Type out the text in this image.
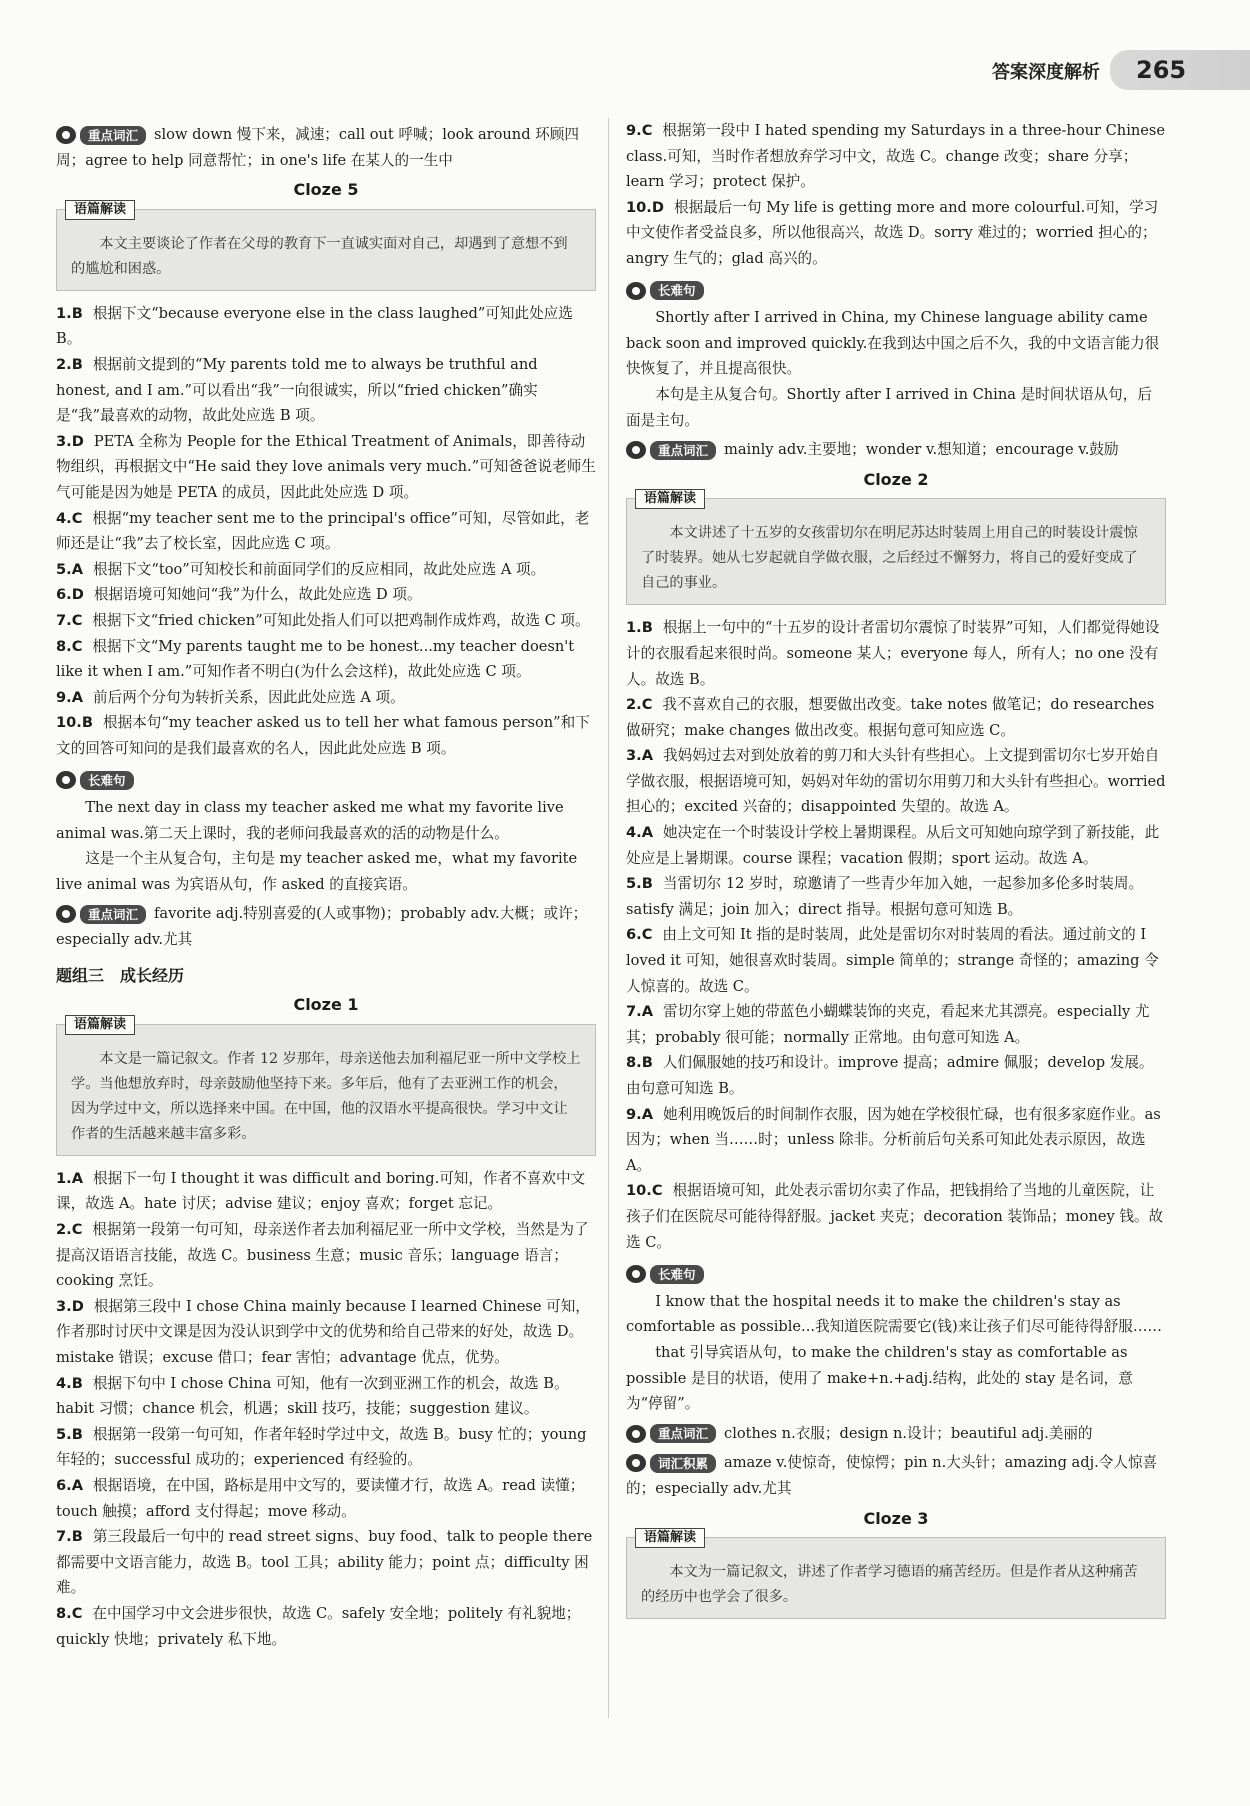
答案深度解析	265
重点词汇	slow down 慢下来，减速；call out 呼喊；look around 环顾四周；agree to help 同意帮忙；in one's life 在某人的一生中
Cloze 5
语篇解读

本文主要谈论了作者在父母的教育下一直诚实面对自己，却遇到了意想不到的尴尬和困惑。

1.B 根据下文“because everyone else in the class laughed”可知此处应选 B。

2.B 根据前文提到的“My parents told me to always be truthful and honest, and I am.”可以看出“我”一向很诚实，所以“fried chicken”确实是“我”最喜欢的动物，故此处应选 B 项。

3.D PETA 全称为 People for the Ethical Treatment of Animals，即善待动物组织，再根据文中“He said they love animals very much.”可知爸爸说老师生气可能是因为她是 PETA 的成员，因此此处应选 D 项。

4.C 根据“my teacher sent me to the principal's office”可知，尽管如此，老师还是让“我”去了校长室，因此应选 C 项。

5.A 根据下文“too”可知校长和前面同学们的反应相同，故此处应选 A 项。

6.D 根据语境可知她问“我”为什么，故此处应选 D 项。

7.C 根据下文“fried chicken”可知此处指人们可以把鸡制作成炸鸡，故选 C 项。

8.C 根据下文“My parents taught me to be honest...my teacher doesn't like it when I am.”可知作者不明白(为什么会这样)，故此处应选 C 项。

9.A 前后两个分句为转折关系，因此此处应选 A 项。

10.B 根据本句“my teacher asked us to tell her what famous person”和下文的回答可知问的是我们最喜欢的名人，因此此处应选 B 项。

长难句

The next day in class my teacher asked me what my favorite live animal was.第二天上课时，我的老师问我最喜欢的活的动物是什么。

这是一个主从复合句，主句是 my teacher asked me，what my favorite live animal was 为宾语从句，作 asked 的直接宾语。

重点词汇	favorite adj.特别喜爱的(人或事物)；probably adv.大概；或许；especially adv.尤其
题组三　成长经历
Cloze 1
语篇解读

本文是一篇记叙文。作者 12 岁那年，母亲送他去加利福尼亚一所中文学校上学。当他想放弃时，母亲鼓励他坚持下来。多年后，他有了去亚洲工作的机会，因为学过中文，所以选择来中国。在中国，他的汉语水平提高很快。学习中文让作者的生活越来越丰富多彩。

1.A 根据下一句 I thought it was difficult and boring.可知，作者不喜欢中文课，故选 A。hate 讨厌；advise 建议；enjoy 喜欢；forget 忘记。

2.C 根据第一段第一句可知，母亲送作者去加利福尼亚一所中文学校，当然是为了提高汉语语言技能，故选 C。business 生意；music 音乐；language 语言；cooking 烹饪。

3.D 根据第三段中 I chose China mainly because I learned Chinese 可知，作者那时讨厌中文课是因为没认识到学中文的优势和给自己带来的好处，故选 D。mistake 错误；excuse 借口；fear 害怕；advantage 优点，优势。

4.B 根据下句中 I chose China 可知，他有一次到亚洲工作的机会，故选 B。habit 习惯；chance 机会，机遇；skill 技巧，技能；suggestion 建议。

5.B 根据第一段第一句可知，作者年轻时学过中文，故选 B。busy 忙的；young 年轻的；successful 成功的；experienced 有经验的。

6.A 根据语境，在中国，路标是用中文写的，要读懂才行，故选 A。read 读懂；touch 触摸；afford 支付得起；move 移动。

7.B 第三段最后一句中的 read street signs、buy food、talk to people there 都需要中文语言能力，故选 B。tool 工具；ability 能力；point 点；difficulty 困难。

8.C 在中国学习中文会进步很快，故选 C。safely 安全地；politely 有礼貌地；quickly 快地；privately 私下地。

9.C 根据第一段中 I hated spending my Saturdays in a three-hour Chinese class.可知，当时作者想放弃学习中文，故选 C。change 改变；share 分享；learn 学习；protect 保护。

10.D 根据最后一句 My life is getting more and more colourful.可知，学习中文使作者受益良多，所以他很高兴，故选 D。sorry 难过的；worried 担心的；angry 生气的；glad 高兴的。

长难句

Shortly after I arrived in China, my Chinese language ability came back soon and improved quickly.在我到达中国之后不久，我的中文语言能力很快恢复了，并且提高很快。

本句是主从复合句。Shortly after I arrived in China 是时间状语从句，后面是主句。

重点词汇	mainly adv.主要地；wonder v.想知道；encourage v.鼓励
Cloze 2
语篇解读

本文讲述了十五岁的女孩雷切尔在明尼苏达时装周上用自己的时装设计震惊了时装界。她从七岁起就自学做衣服，之后经过不懈努力，将自己的爱好变成了自己的事业。

1.B 根据上一句中的“十五岁的设计者雷切尔震惊了时装界”可知，人们都觉得她设计的衣服看起来很时尚。someone 某人；everyone 每人，所有人；no one 没有人。故选 B。

2.C 我不喜欢自己的衣服，想要做出改变。take notes 做笔记；do researches 做研究；make changes 做出改变。根据句意可知应选 C。

3.A 我妈妈过去对到处放着的剪刀和大头针有些担心。上文提到雷切尔七岁开始自学做衣服，根据语境可知，妈妈对年幼的雷切尔用剪刀和大头针有些担心。worried 担心的；excited 兴奋的；disappointed 失望的。故选 A。

4.A 她决定在一个时装设计学校上暑期课程。从后文可知她向琼学到了新技能，此处应是上暑期课。course 课程；vacation 假期；sport 运动。故选 A。

5.B 当雷切尔 12 岁时，琼邀请了一些青少年加入她，一起参加多伦多时装周。satisfy 满足；join 加入；direct 指导。根据句意可知选 B。

6.C 由上文可知 It 指的是时装周，此处是雷切尔对时装周的看法。通过前文的 I loved it 可知，她很喜欢时装周。simple 简单的；strange 奇怪的；amazing 令人惊喜的。故选 C。

7.A 雷切尔穿上她的带蓝色小蝴蝶装饰的夹克，看起来尤其漂亮。especially 尤其；probably 很可能；normally 正常地。由句意可知选 A。

8.B 人们佩服她的技巧和设计。improve 提高；admire 佩服；develop 发展。由句意可知选 B。

9.A 她利用晚饭后的时间制作衣服，因为她在学校很忙碌，也有很多家庭作业。as 因为；when 当……时；unless 除非。分析前后句关系可知此处表示原因，故选 A。

10.C 根据语境可知，此处表示雷切尔卖了作品，把钱捐给了当地的儿童医院，让孩子们在医院尽可能待得舒服。jacket 夹克；decoration 装饰品；money 钱。故选 C。

长难句

I know that the hospital needs it to make the children's stay as comfortable as possible...我知道医院需要它(钱)来让孩子们尽可能待得舒服……

that 引导宾语从句，to make the children's stay as comfortable as possible 是目的状语，使用了 make+n.+adj.结构，此处的 stay 是名词，意为“停留”。

重点词汇	clothes n.衣服；design n.设计；beautiful adj.美丽的
词汇积累	amaze v.使惊奇，使惊愕；pin n.大头针；amazing adj.令人惊喜的；especially adv.尤其
Cloze 3
语篇解读

本文为一篇记叙文，讲述了作者学习德语的痛苦经历。但是作者从这种痛苦的经历中也学会了很多。
